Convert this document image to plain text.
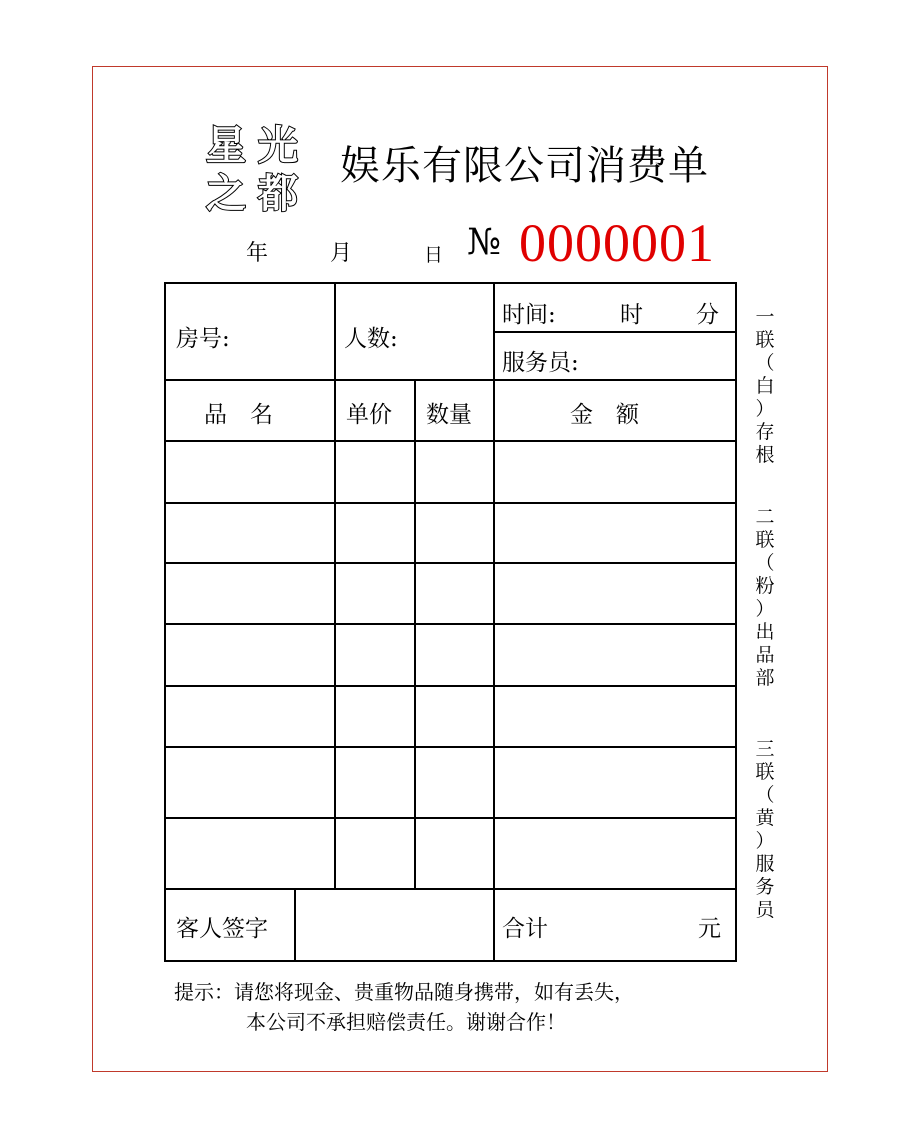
星 光
之 都
娱乐有限公司消费单
年	月	日 № 0000001
房号:	人数:
时间:	时 分
服务员:
品　名	单价 数量	金　额
客人签字	合计	元
一
联
（
白
）
存
根
二
联
（
粉
）
出
品
部
三
联
（
黄
）
服
务
员
提示：请您将现金、贵重物品随身携带，如有丢失，
本公司不承担赔偿责任。谢谢合作！
